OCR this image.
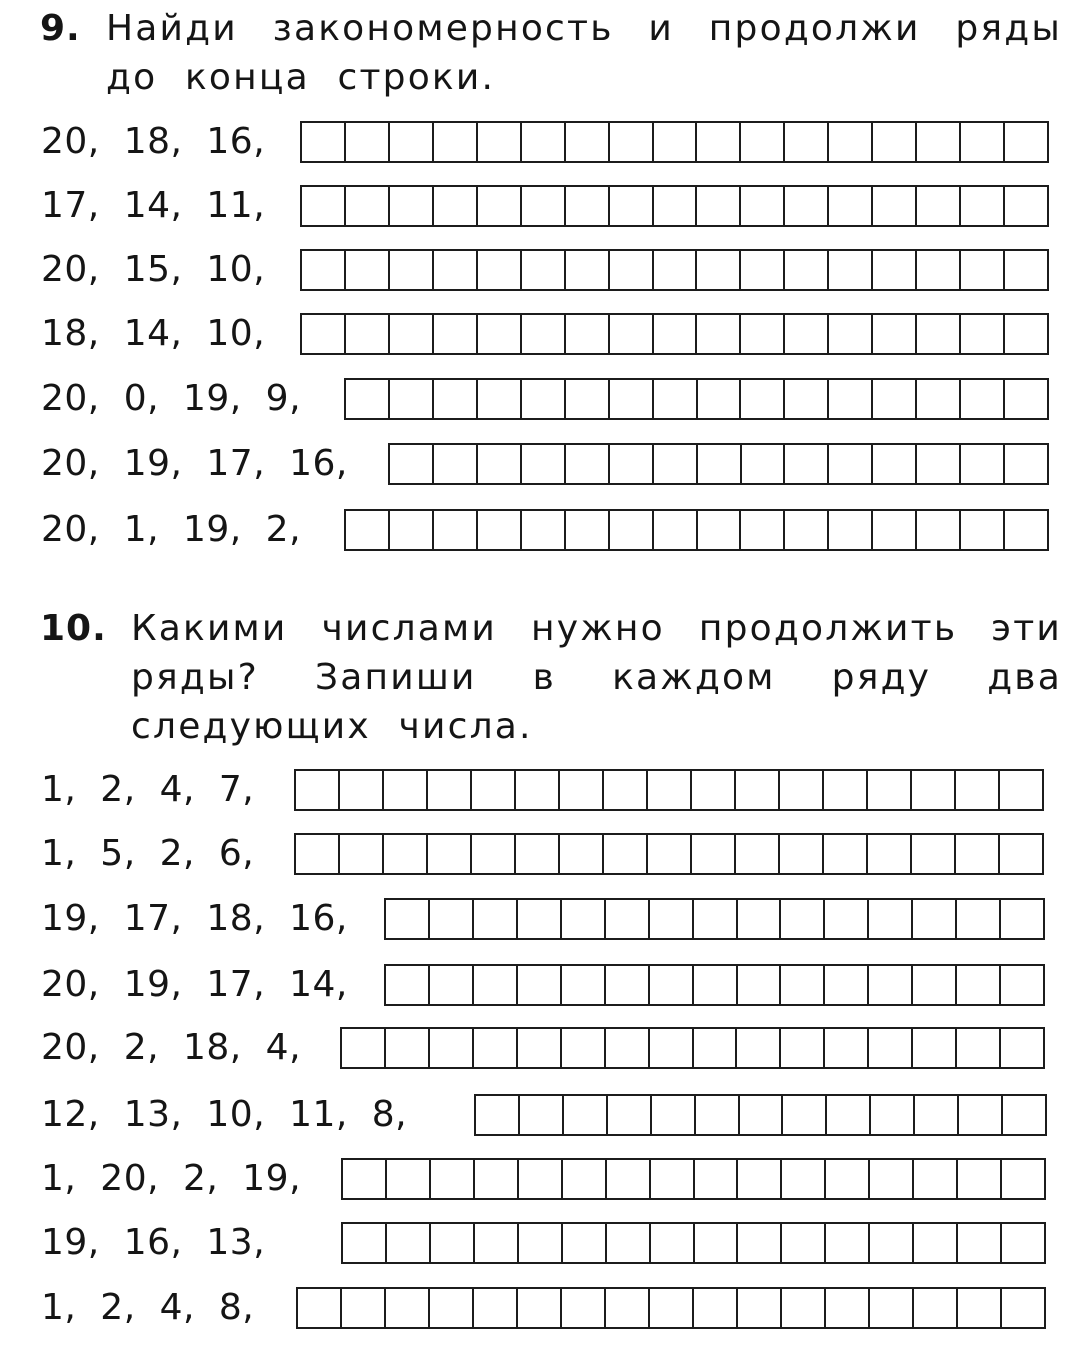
9. Найди закономерность и продолжи ряды до конца строки.
20, 18, 16,
17, 14, 11,
20, 15, 10,
18, 14, 10,
20, 0, 19, 9,
20, 19, 17, 16,
20, 1, 19, 2,
10. Какими числами нужно продолжить эти ряды? Запиши в каждом ряду два следующих числа.
1, 2, 4, 7,
1, 5, 2, 6,
19, 17, 18, 16,
20, 19, 17, 14,
20, 2, 18, 4,
12, 13, 10, 11, 8,
1, 20, 2, 19,
19, 16, 13,
1, 2, 4, 8,
